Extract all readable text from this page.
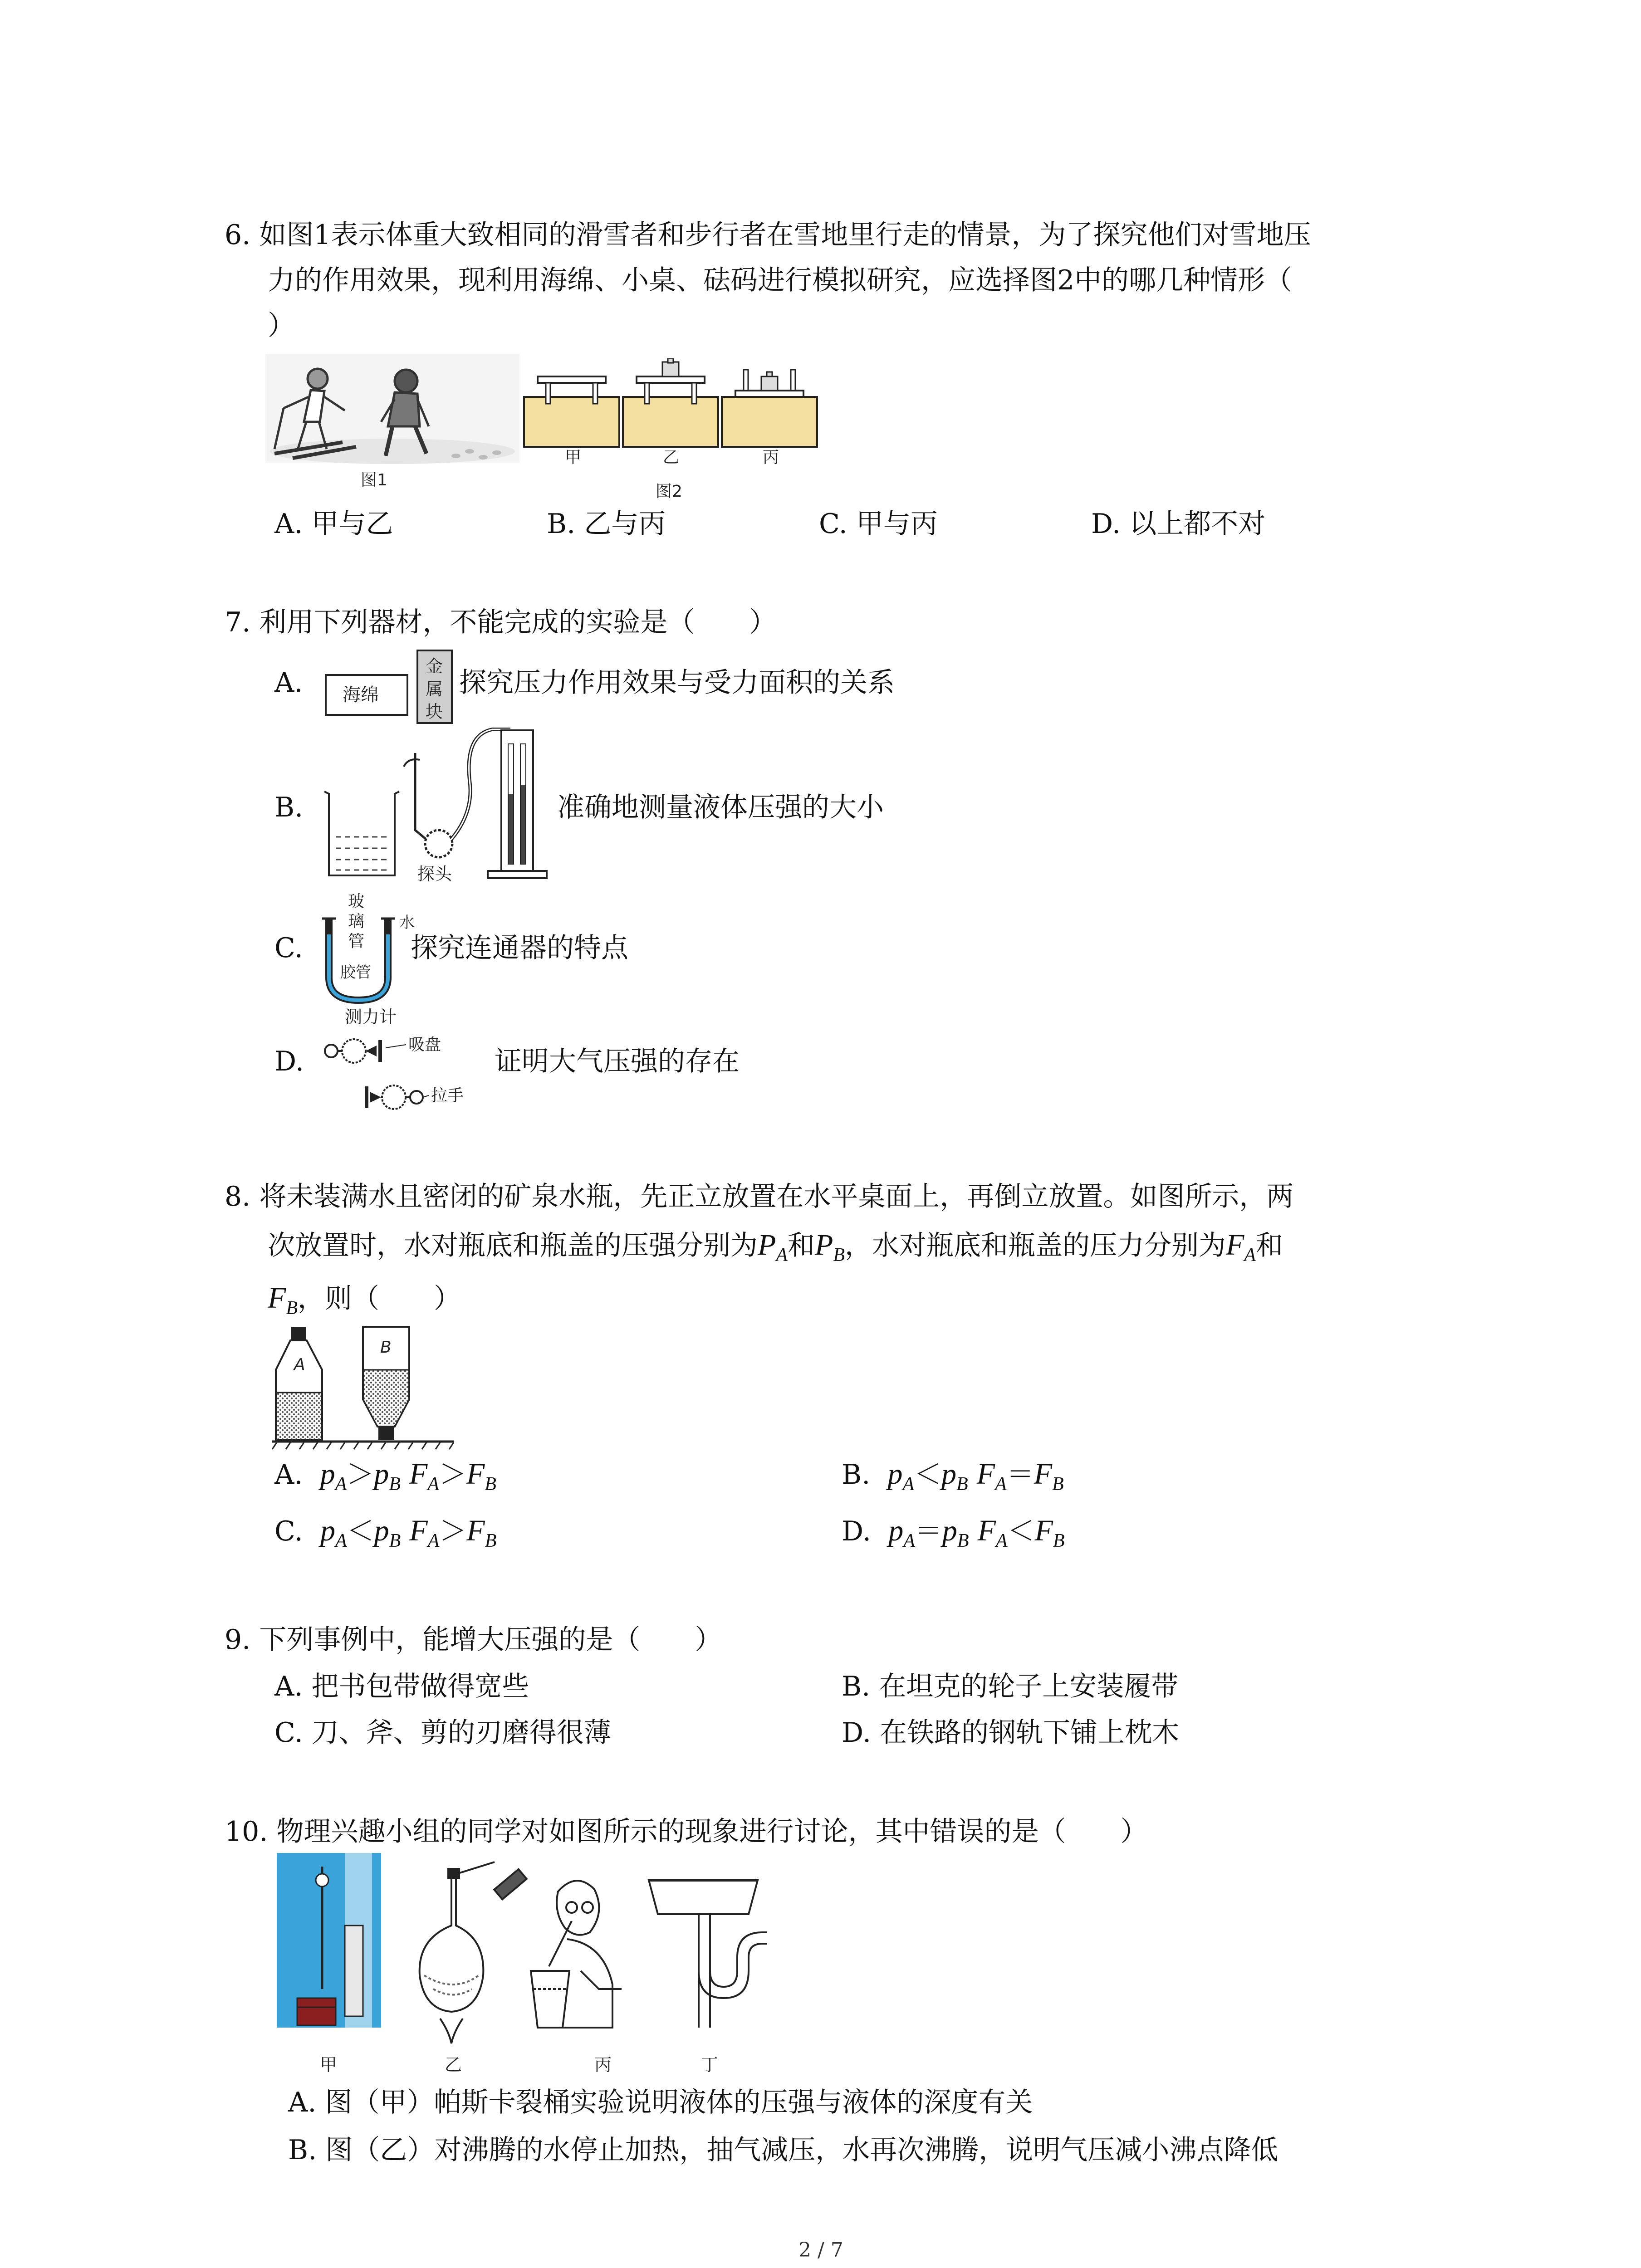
6. 如图1表示体重大致相同的滑雪者和步行者在雪地里行走的情景，为了探究他们对雪地压
力的作用效果，现利用海绵、小桌、砝码进行模拟研究，应选择图2中的哪几种情形（
）
图1
甲	乙	丙
图2
A. 甲与乙	B. 乙与丙	C. 甲与丙	D. 以上都不对
7. 利用下列器材，不能完成的实验是（　　）
A. 海绵
金
属
块
探究压力作用效果与受力面积的关系
B.
探头
准确地测量液体压强的大小
C.
玻
璃
管
水
胶管
探究连通器的特点
D.
测力计
吸盘
拉手
证明大气压强的存在
8. 将未装满水且密闭的矿泉水瓶，先正立放置在水平桌面上，再倒立放置。如图所示，两
次放置时，水对瓶底和瓶盖的压强分别为$P_A$和$P_B$，水对瓶底和瓶盖的压力分别为$F_A$和
$F_B$，则（　　）
A
B
A. $p_A>p_B$ $F_A>F_B$	B. $p_A<p_B$ $F_A=F_B$
C. $p_A<p_B$ $F_A>F_B$	D. $p_A=p_B$ $F_A<F_B$
9. 下列事例中，能增大压强的是（　　）
A. 把书包带做得宽些	B. 在坦克的轮子上安装履带
C. 刀、斧、剪的刃磨得很薄	D. 在铁路的钢轨下铺上枕木
10. 物理兴趣小组的同学对如图所示的现象进行讨论，其中错误的是（　　）
甲	乙	丙	丁
A. 图（甲）帕斯卡裂桶实验说明液体的压强与液体的深度有关
B. 图（乙）对沸腾的水停止加热，抽气减压，水再次沸腾，说明气压减小沸点降低
2 / 7
